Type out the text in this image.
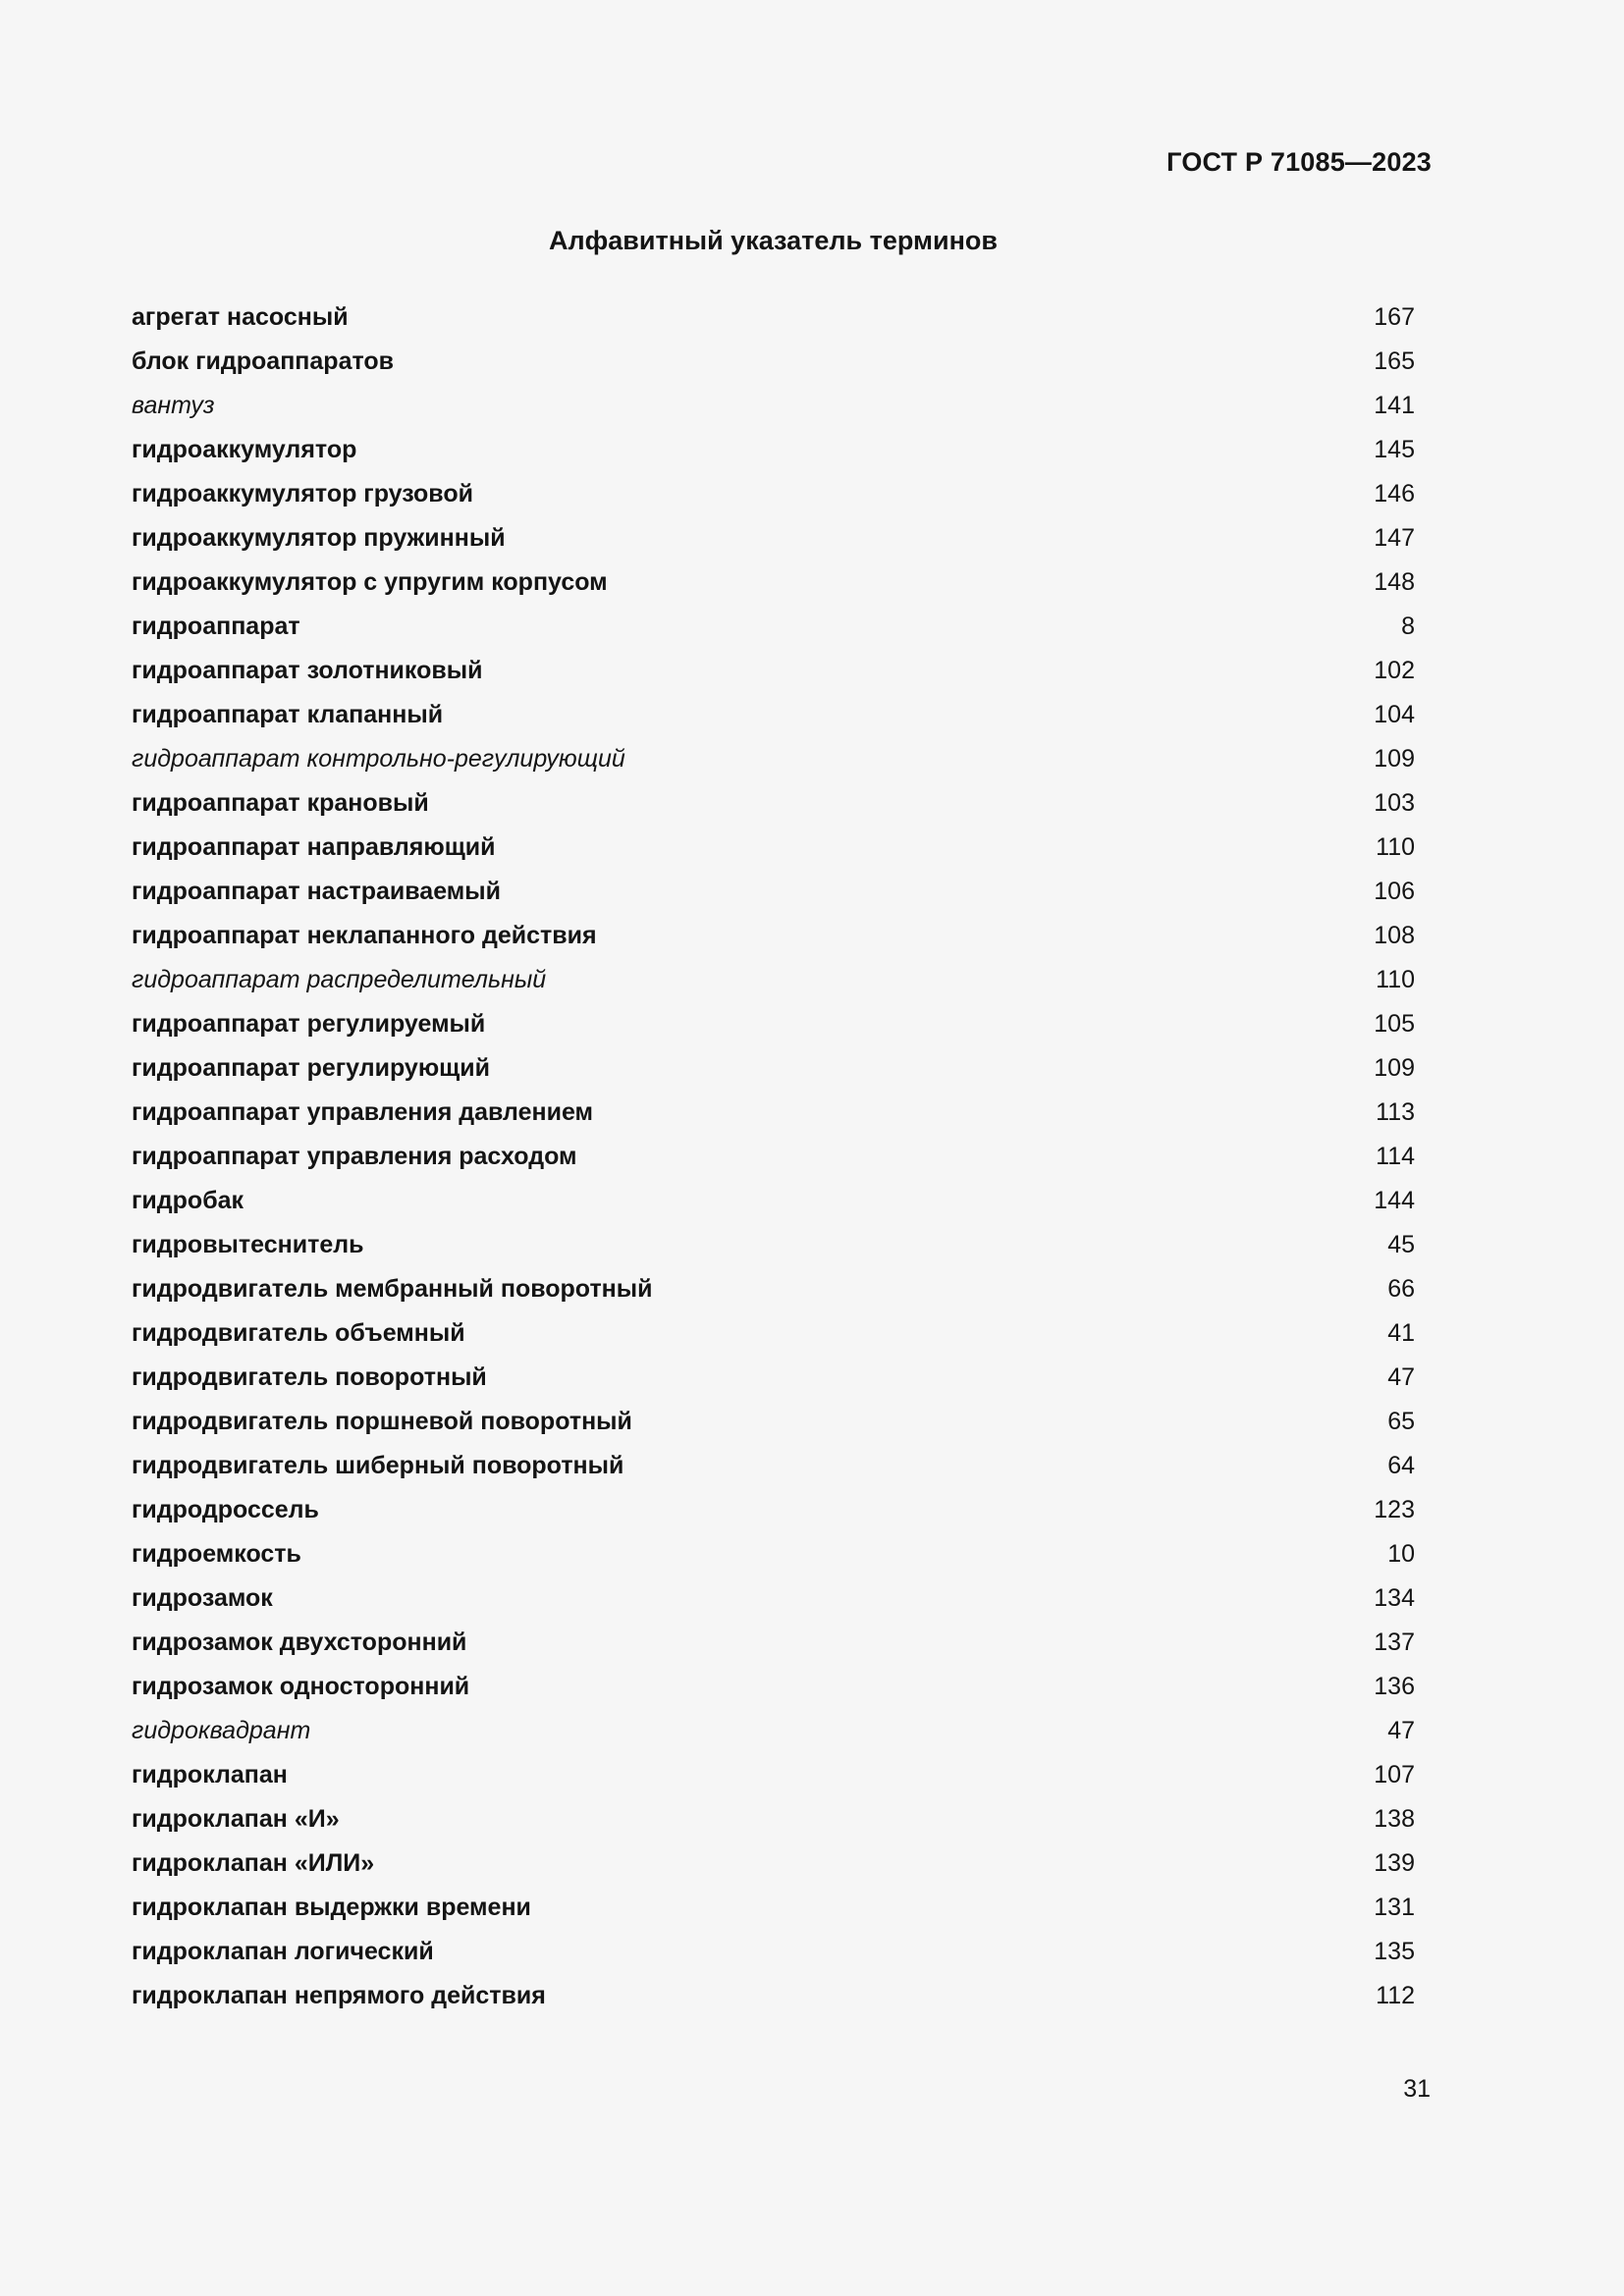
ГОСТ Р 71085—2023
Алфавитный указатель терминов
агрегат насосный	167
блок гидроаппаратов	165
вантуз	141
гидроаккумулятор	145
гидроаккумулятор грузовой	146
гидроаккумулятор пружинный	147
гидроаккумулятор с упругим корпусом	148
гидроаппарат	8
гидроаппарат золотниковый	102
гидроаппарат клапанный	104
гидроаппарат контрольно-регулирующий	109
гидроаппарат крановый	103
гидроаппарат направляющий	110
гидроаппарат настраиваемый	106
гидроаппарат неклапанного действия	108
гидроаппарат распределительный	110
гидроаппарат регулируемый	105
гидроаппарат регулирующий	109
гидроаппарат управления давлением	113
гидроаппарат управления расходом	114
гидробак	144
гидровытеснитель	45
гидродвигатель мембранный поворотный	66
гидродвигатель объемный	41
гидродвигатель поворотный	47
гидродвигатель поршневой поворотный	65
гидродвигатель шиберный поворотный	64
гидродроссель	123
гидроемкость	10
гидрозамок	134
гидрозамок двухсторонний	137
гидрозамок односторонний	136
гидроквадрант	47
гидроклапан	107
гидроклапан «И»	138
гидроклапан «ИЛИ»	139
гидроклапан выдержки времени	131
гидроклапан логический	135
гидроклапан непрямого действия	112
31
